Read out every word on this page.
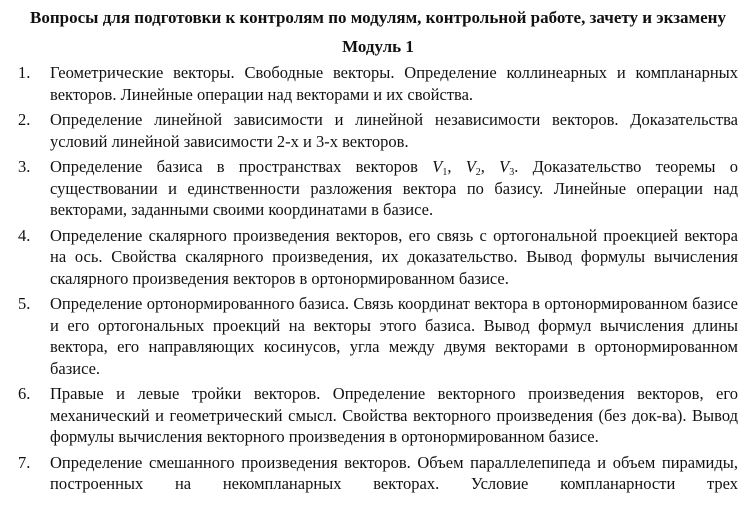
Вопросы для подготовки к контролям по модулям, контрольной работе, зачету и экзамену
Модуль 1
1.	Геометрические векторы. Свободные векторы. Определение коллинеарных и компланарных векторов. Линейные операции над векторами и их свойства.
2.	Определение линейной зависимости и линейной независимости векторов. Доказательства условий линейной зависимости 2-х и 3-х векторов.
3.	Определение базиса в пространствах векторов $V_1$, $V_2$, $V_3$. Доказательство теоремы о существовании и единственности разложения вектора по базису. Линейные операции над векторами, заданными своими координатами в базисе.
4.	Определение скалярного произведения векторов, его связь с ортогональной проекцией вектора на ось. Свойства скалярного произведения, их доказательство. Вывод формулы вычисления скалярного произведения векторов в ортонормированном базисе.
5.	Определение ортонормированного базиса. Связь координат вектора в ортонормированном базисе и его ортогональных проекций на векторы этого базиса. Вывод формул вычисления длины вектора, его направляющих косинусов, угла между двумя векторами в ортонормированном базисе.
6.	Правые и левые тройки векторов. Определение векторного произведения векторов, его механический и геометрический смысл. Свойства векторного произведения (без док-ва). Вывод формулы вычисления векторного произведения в ортонормированном базисе.
7.	Определение смешанного произведения векторов. Объем параллелепипеда и объем пирамиды, построенных на некомпланарных векторах. Условие компланарности трех
